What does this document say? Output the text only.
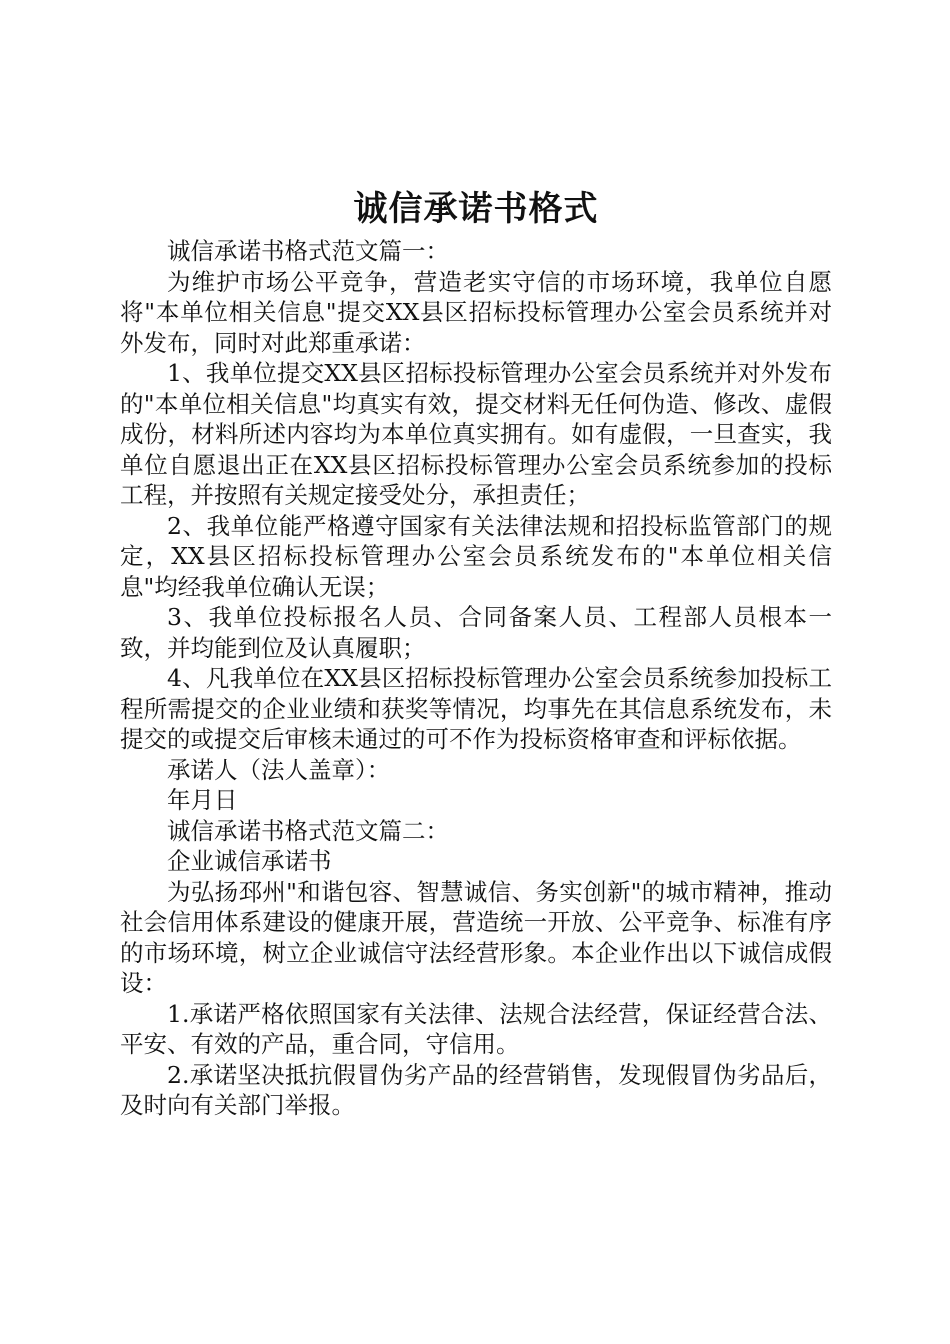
诚信承诺书格式

诚信承诺书格式范文篇一：

为维护市场公平竞争，营造老实守信的市场环境，我单位自愿将"本单位相关信息"提交XX县区招标投标管理办公室会员系统并对外发布，同时对此郑重承诺：

1、我单位提交XX县区招标投标管理办公室会员系统并对外发布的"本单位相关信息"均真实有效，提交材料无任何伪造、修改、虚假成份，材料所述内容均为本单位真实拥有。如有虚假，一旦查实，我单位自愿退出正在XX县区招标投标管理办公室会员系统参加的投标工程，并按照有关规定接受处分，承担责任；

2、我单位能严格遵守国家有关法律法规和招投标监管部门的规定，XX县区招标投标管理办公室会员系统发布的"本单位相关信息"均经我单位确认无误；

3、我单位投标报名人员、合同备案人员、工程部人员根本一致，并均能到位及认真履职；

4、凡我单位在XX县区招标投标管理办公室会员系统参加投标工程所需提交的企业业绩和获奖等情况，均事先在其信息系统发布，未提交的或提交后审核未通过的可不作为投标资格审查和评标依据。

承诺人（法人盖章）：

年月日

诚信承诺书格式范文篇二：

企业诚信承诺书

为弘扬邳州"和谐包容、智慧诚信、务实创新"的城市精神，推动社会信用体系建设的健康开展，营造统一开放、公平竞争、标准有序的市场环境，树立企业诚信守法经营形象。本企业作出以下诚信成假设：

1.承诺严格依照国家有关法律、法规合法经营，保证经营合法、平安、有效的产品，重合同，守信用。

2.承诺坚决抵抗假冒伪劣产品的经营销售，发现假冒伪劣品后，及时向有关部门举报。
